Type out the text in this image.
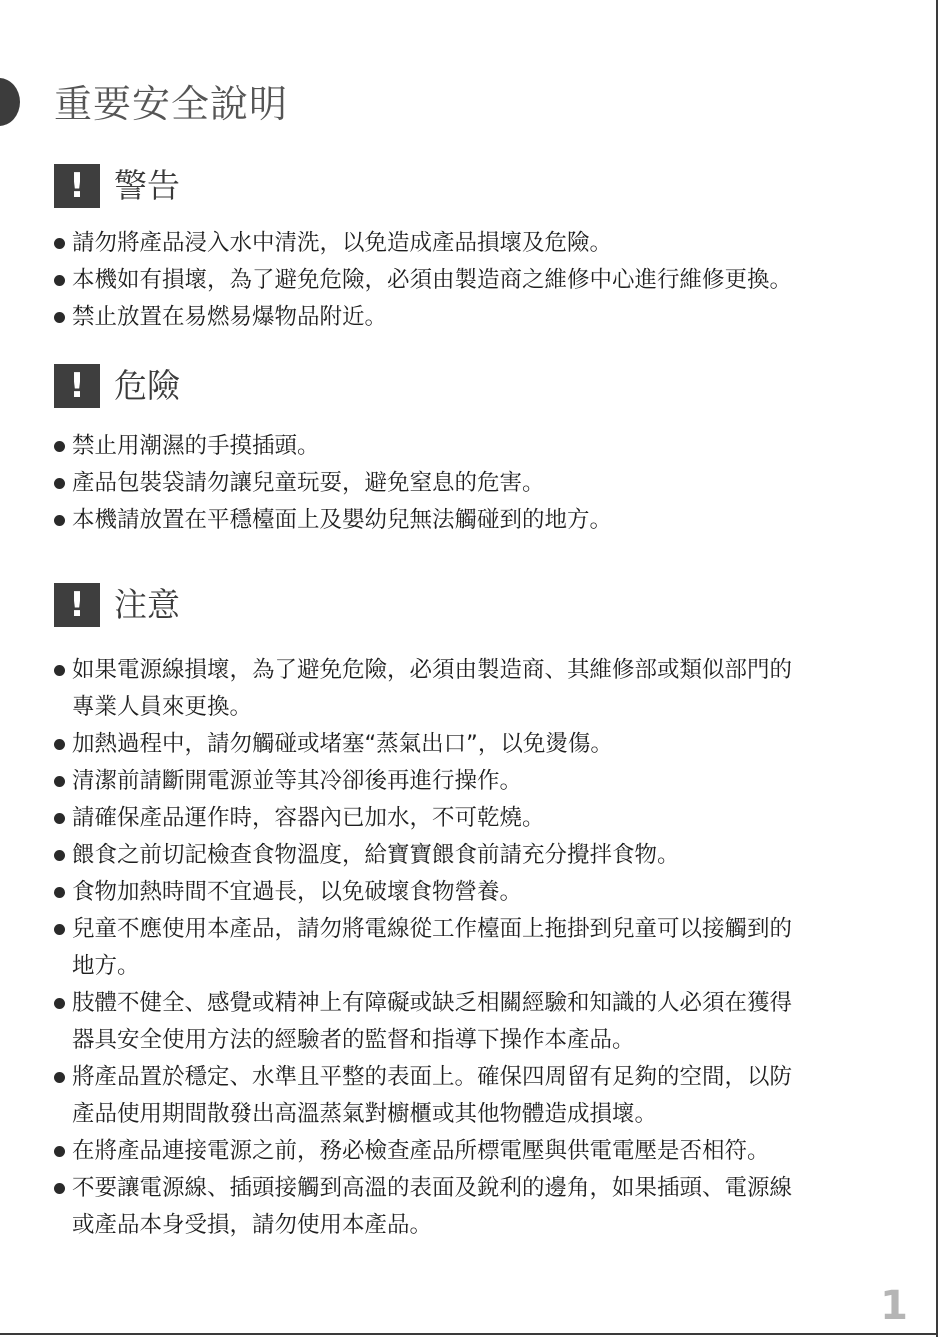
重要安全說明
! 警告
請勿將產品浸入水中清洗，以免造成產品損壞及危險。
本機如有損壞，為了避免危險，必須由製造商之維修中心進行維修更換。
禁止放置在易燃易爆物品附近。
! 危險
禁止用潮濕的手摸插頭。
產品包裝袋請勿讓兒童玩耍，避免窒息的危害。
本機請放置在平穩檯面上及嬰幼兒無法觸碰到的地方。
! 注意
如果電源線損壞，為了避免危險，必須由製造商、其維修部或類似部門的
專業人員來更換。
加熱過程中，請勿觸碰或堵塞“蒸氣出口”，以免燙傷。
清潔前請斷開電源並等其冷卻後再進行操作。
請確保產品運作時，容器內已加水，不可乾燒。
餵食之前切記檢查食物溫度，給寶寶餵食前請充分攪拌食物。
食物加熱時間不宜過長，以免破壞食物營養。
兒童不應使用本產品，請勿將電線從工作檯面上拖掛到兒童可以接觸到的
地方。
肢體不健全、感覺或精神上有障礙或缺乏相關經驗和知識的人必須在獲得
器具安全使用方法的經驗者的監督和指導下操作本產品。
將產品置於穩定、水準且平整的表面上。確保四周留有足夠的空間，以防
產品使用期間散發出高溫蒸氣對櫥櫃或其他物體造成損壞。
在將產品連接電源之前，務必檢查產品所標電壓與供電電壓是否相符。
不要讓電源線、插頭接觸到高溫的表面及銳利的邊角，如果插頭、電源線
或產品本身受損，請勿使用本產品。
1
